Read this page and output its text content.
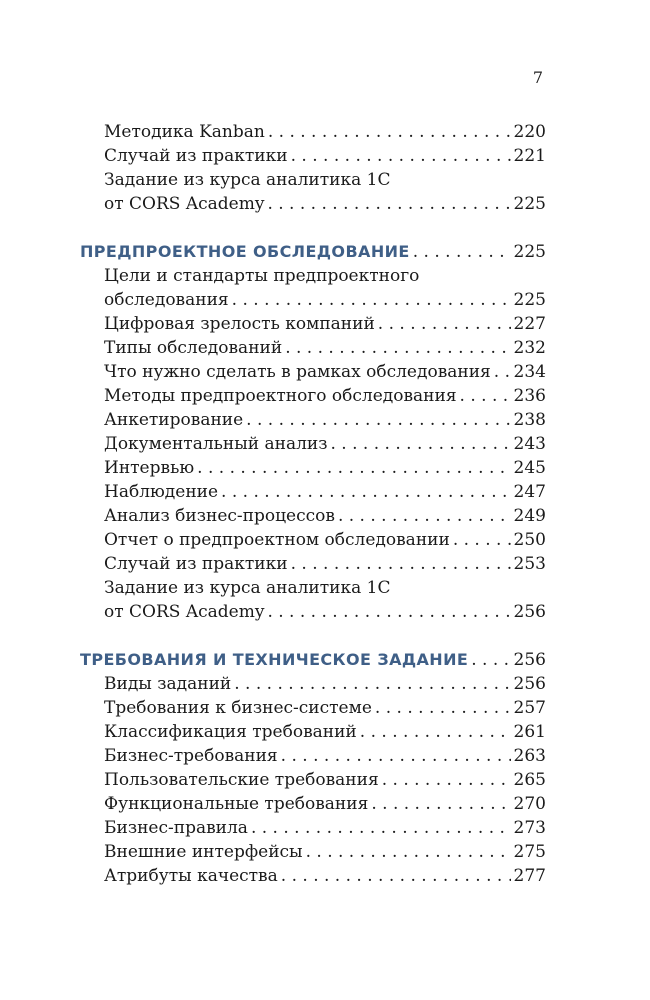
7
Методика Kanban . . .	220
Случай из практики . . .	221
Задание из курса аналитика 1С
от CORS Academy . . .	225
ПРЕДПРОЕКТНОЕ ОБСЛЕДОВАНИЕ . . .	225
Цели и стандарты предпроектного
обследования . . .	225
Цифровая зрелость компаний . . .	227
Типы обследований . . .	232
Что нужно сделать в рамках обследования . . . 234
Методы предпроектного обследования . . .	236
Анкетирование . . .	238
Документальный анализ . . .	243
Интервью . . .	245
Наблюдение . . .	247
Анализ бизнес-процессов . . .	249
Отчет о предпроектном обследовании . . .	250
Случай из практики . . .	253
Задание из курса аналитика 1С
от CORS Academy . . .	256
ТРЕБОВАНИЯ И ТЕХНИЧЕСКОЕ ЗАДАНИЕ . . .	256
Виды заданий . . .	256
Требования к бизнес-системе . . .	257
Классификация требований . . .	261
Бизнес-требования . . .	263
Пользовательские требования . . .	265
Функциональные требования . . .	270
Бизнес-правила . . .	273
Внешние интерфейсы . . .	275
Атрибуты качества . . .	277
